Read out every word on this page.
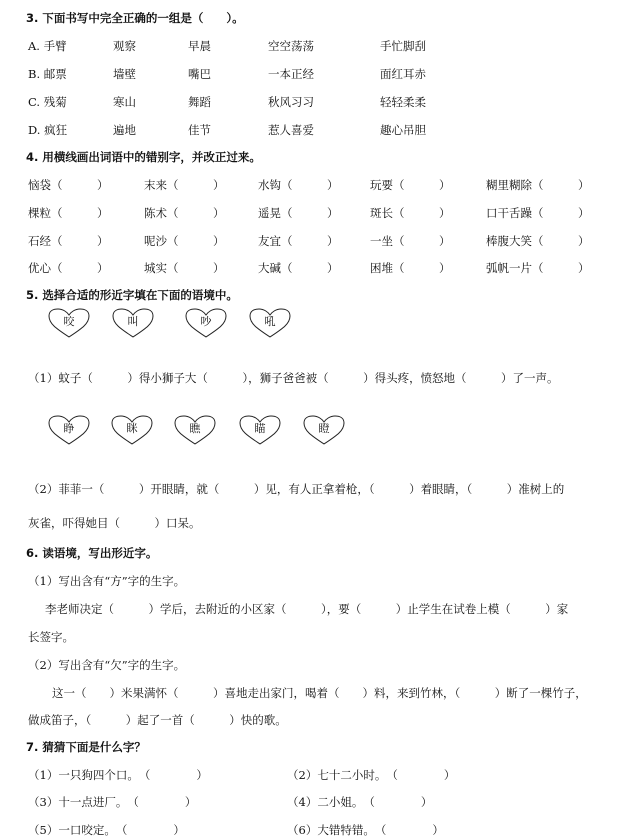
3. 下面书写中完全正确的一组是（　　）。
A. 手臂	观察	早晨	空空荡荡	手忙脚刮
B. 邮票	墙壁	嘴巴	一本正经	面红耳赤
C. 残菊	寒山	舞蹈	秋风习习	轻轻柔柔
D. 疯狂	遍地	佳节	惹人喜爱	趣心吊胆
4. 用横线画出词语中的错别字，并改正过来。
恼袋（　　　）	末来（　　　）	水钩（　　　）	玩要（　　　）	糊里糊除（　　　）
棵粒（　　　）	陈术（　　　）	遥晃（　　　）	斑长（　　　）	口干舌躁（　　　）
石经（　　　）	呢沙（　　　）	友宜（　　　）	一坐（　　　）	棒腹大笑（　　　）
优心（　　　）	城实（　　　）	大碱（　　　）	困堆（　　　）	弧帆一片（　　　）
5. 选择合适的形近字填在下面的语境中。
咬	叫	吵	吼
（1）蚊子（　　　）得小狮子大（　　　），狮子爸爸被（　　　）得头疼，愤怒地（　　　）了一声。
睁	眯	瞧	瞄	瞪
（2）菲菲一（　　　）开眼睛，就（　　　）见，有人正拿着枪，（　　　）着眼睛，（　　　）准树上的
灰雀，吓得她目（　　　）口呆。
6. 读语境，写出形近字。
（1）写出含有“方”字的生字。
李老师决定（　　　）学后，去附近的小区家（　　　），要（　　　）止学生在试卷上模（　　　）家
长签字。
（2）写出含有“欠”字的生字。
这一（　　）米果满怀（　　　）喜地走出家门，喝着（　　）料，来到竹林，（　　　）断了一棵竹子，
做成笛子，（　　　）起了一首（　　　）快的歌。
7. 猜猜下面是什么字？
（1）一只狗四个口。　（　　　　）	（2）七十二小时。　（　　　　）
（3）十一点进厂。　（　　　　）	（4）二小姐。　（　　　　）
（5）一口咬定。　（　　　　）	（6）大错特错。　（　　　　）
